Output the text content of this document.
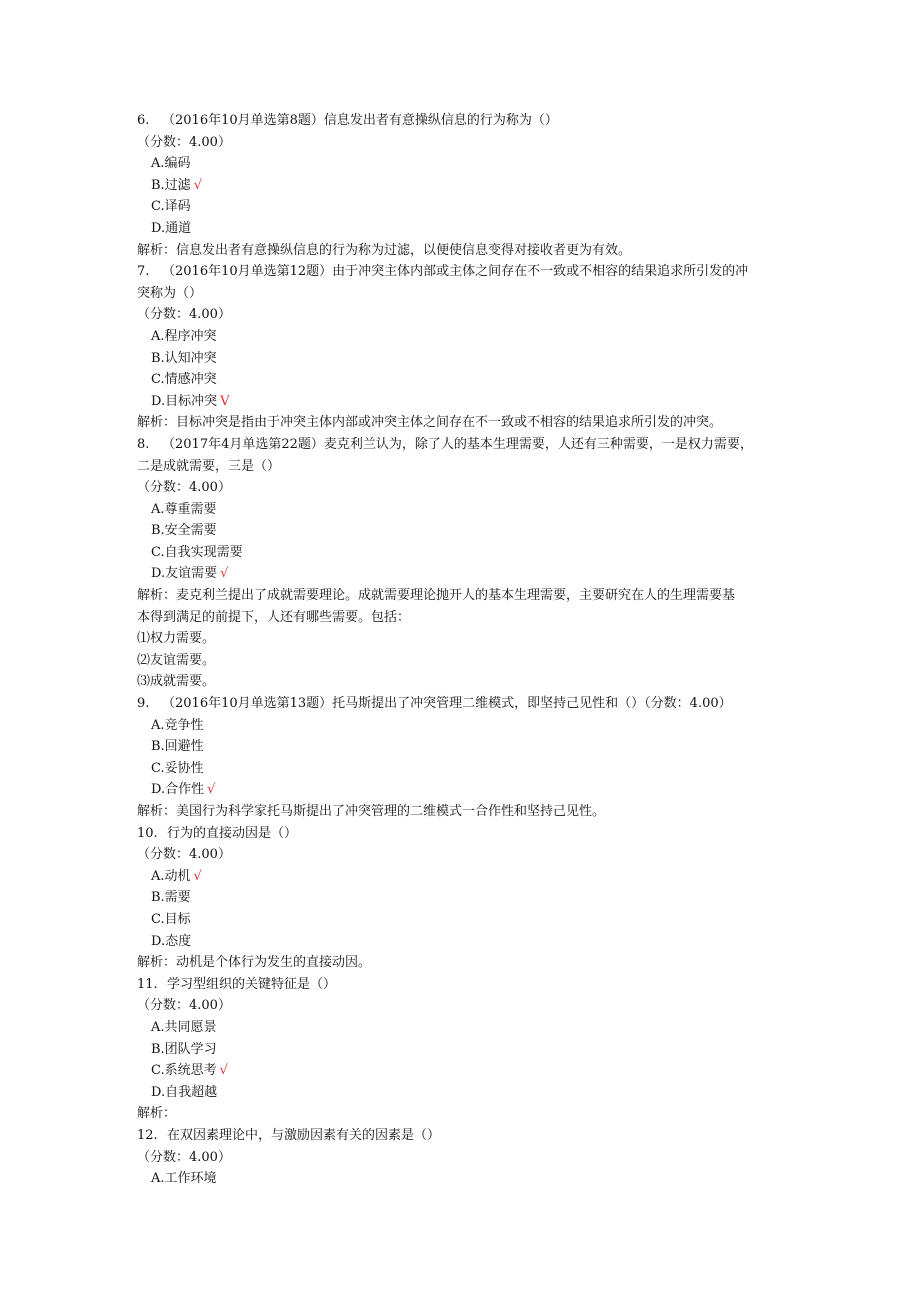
6. （2016年10月单选第8题）信息发出者有意操纵信息的行为称为（）
（分数：4.00）
A.编码
B.过滤 √
C.译码
D.通道
解析：信息发出者有意操纵信息的行为称为过滤，以便使信息变得对接收者更为有效。
7. （2016年10月单选第12题）由于冲突主体内部或主体之间存在不一致或不相容的结果追求所引发的冲
突称为（）
（分数：4.00）
A.程序冲突
B.认知冲突
C.情感冲突
D.目标冲突 V
解析：目标冲突是指由于冲突主体内部或冲突主体之间存在不一致或不相容的结果追求所引发的冲突。
8. （2017年4月单选第22题）麦克利兰认为，除了人的基本生理需要，人还有三种需要，一是权力需要，
二是成就需要，三是（）
（分数：4.00）
A.尊重需要
B.安全需要
C.自我实现需要
D.友谊需要 √
解析：麦克利兰提出了成就需要理论。成就需要理论抛开人的基本生理需要，主要研究在人的生理需要基
本得到满足的前提下，人还有哪些需要。包括：
⑴权力需要。
⑵友谊需要。
⑶成就需要。
9. （2016年10月单选第13题）托马斯提出了冲突管理二维模式，即坚持己见性和（）（分数：4.00）
A.竞争性
B.回避性
C.妥协性
D.合作性 √
解析：美国行为科学家托马斯提出了冲突管理的二维模式一合作性和坚持己见性。
10. 行为的直接动因是（）
（分数：4.00）
A.动机 √
B.需要
C.目标
D.态度
解析：动机是个体行为发生的直接动因。
11. 学习型组织的关键特征是（）
（分数：4.00）
A.共同愿景
B.团队学习
C.系统思考 √
D.自我超越
解析：
12. 在双因素理论中，与激励因素有关的因素是（）
（分数：4.00）
A.工作环境
